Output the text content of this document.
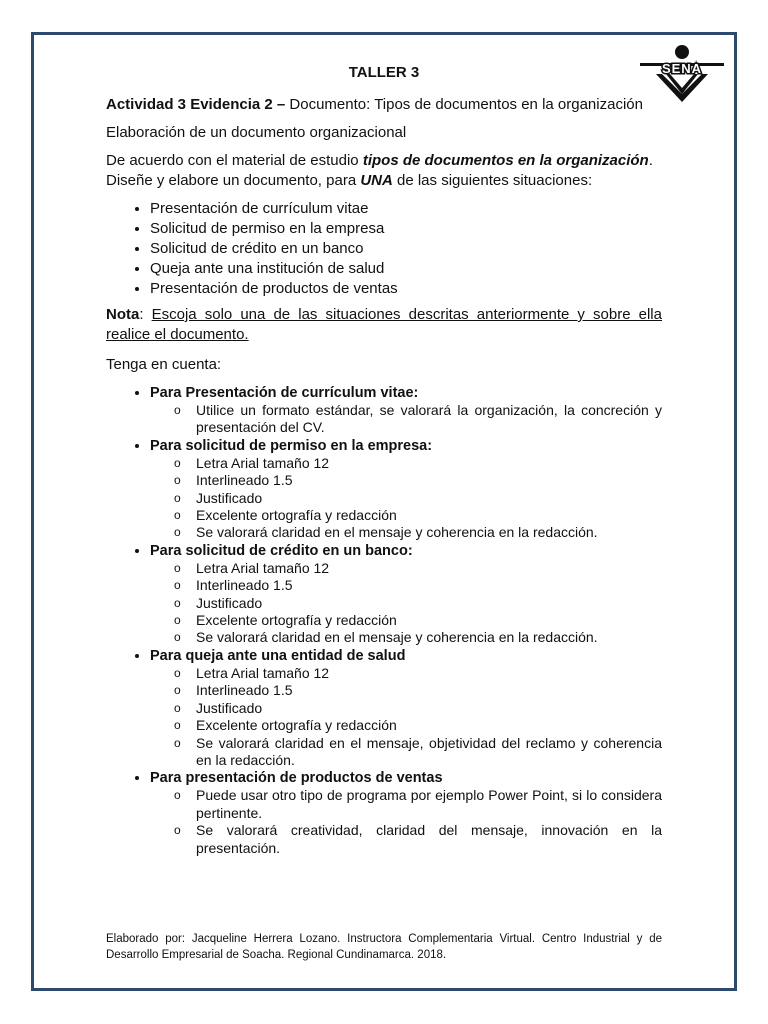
SENA
TALLER 3

Actividad 3 Evidencia 2 – Documento: Tipos de documentos en la organización

Elaboración de un documento organizacional

De acuerdo con el material de estudio tipos de documentos en la organización. Diseñe y elabore un documento, para UNA de las siguientes situaciones:

• Presentación de currículum vitae
• Solicitud de permiso en la empresa
• Solicitud de crédito en un banco
• Queja ante una institución de salud
• Presentación de productos de ventas

Nota: Escoja solo una de las situaciones descritas anteriormente y sobre ella realice el documento.

Tenga en cuenta:

• Para Presentación de currículum vitae:
o Utilice un formato estándar, se valorará la organización, la concreción y presentación del CV.
• Para solicitud de permiso en la empresa:
o Letra Arial tamaño 12
o Interlineado 1.5
o Justificado
o Excelente ortografía y redacción
o Se valorará claridad en el mensaje y coherencia en la redacción.
• Para solicitud de crédito en un banco:
o Letra Arial tamaño 12
o Interlineado 1.5
o Justificado
o Excelente ortografía y redacción
o Se valorará claridad en el mensaje y coherencia en la redacción.
• Para queja ante una entidad de salud
o Letra Arial tamaño 12
o Interlineado 1.5
o Justificado
o Excelente ortografía y redacción
o Se valorará claridad en el mensaje, objetividad del reclamo y coherencia en la redacción.
• Para presentación de productos de ventas
o Puede usar otro tipo de programa por ejemplo Power Point, si lo considera pertinente.
o Se valorará creatividad, claridad del mensaje, innovación en la presentación.
Elaborado por: Jacqueline Herrera Lozano. Instructora Complementaria Virtual. Centro Industrial y de Desarrollo Empresarial de Soacha. Regional Cundinamarca. 2018.
